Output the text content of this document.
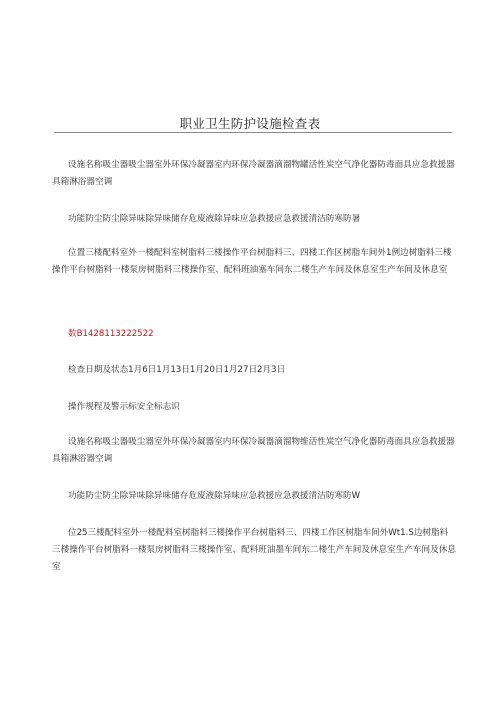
职业卫生防护设施检查表
设施名称吸尘器吸尘器室外环保冷凝器室内环保冷凝器滴溜物罐活性炭空气净化器防毒面具应急救援器具箱淋浴器空调
功能防尘防尘除异味除异味储存危废液除异味应急救援应急救援清洁防寒防暑
位置三楼配料室外一楼配料室树脂料三楼操作平台树脂料三、四楼工作区树脂车间外1例边树脂料三楼操作平台树脂料一楼泵房树脂料三楼操作室、配料班油塞车间东二楼生产车间及休息室生产车间及休息室
数B1428113222522
检查日期及状态1月6日1月13日1月20日1月27日2月3日
操作规程及警示标安全标志识
设施名称吸尘器吸尘器室外环保冷凝器室内环保冷凝器滴溜物维活性炭空气净化器防毒面具应急救援器具箱淋浴器空调
功能防尘防尘除异味除异味储存危废液除异味应急救援应急救援清洁防寒防W
位25三楼配料室外一楼配料室树脂料三楼操作平台树脂料三、四楼工作区树脂车间外Wt1.S边树脂料三楼操作平台树脂料一楼泵房树脂料三楼操作室、配料班油墨车间东二楼生产车间及休息室生产车间及休息室
